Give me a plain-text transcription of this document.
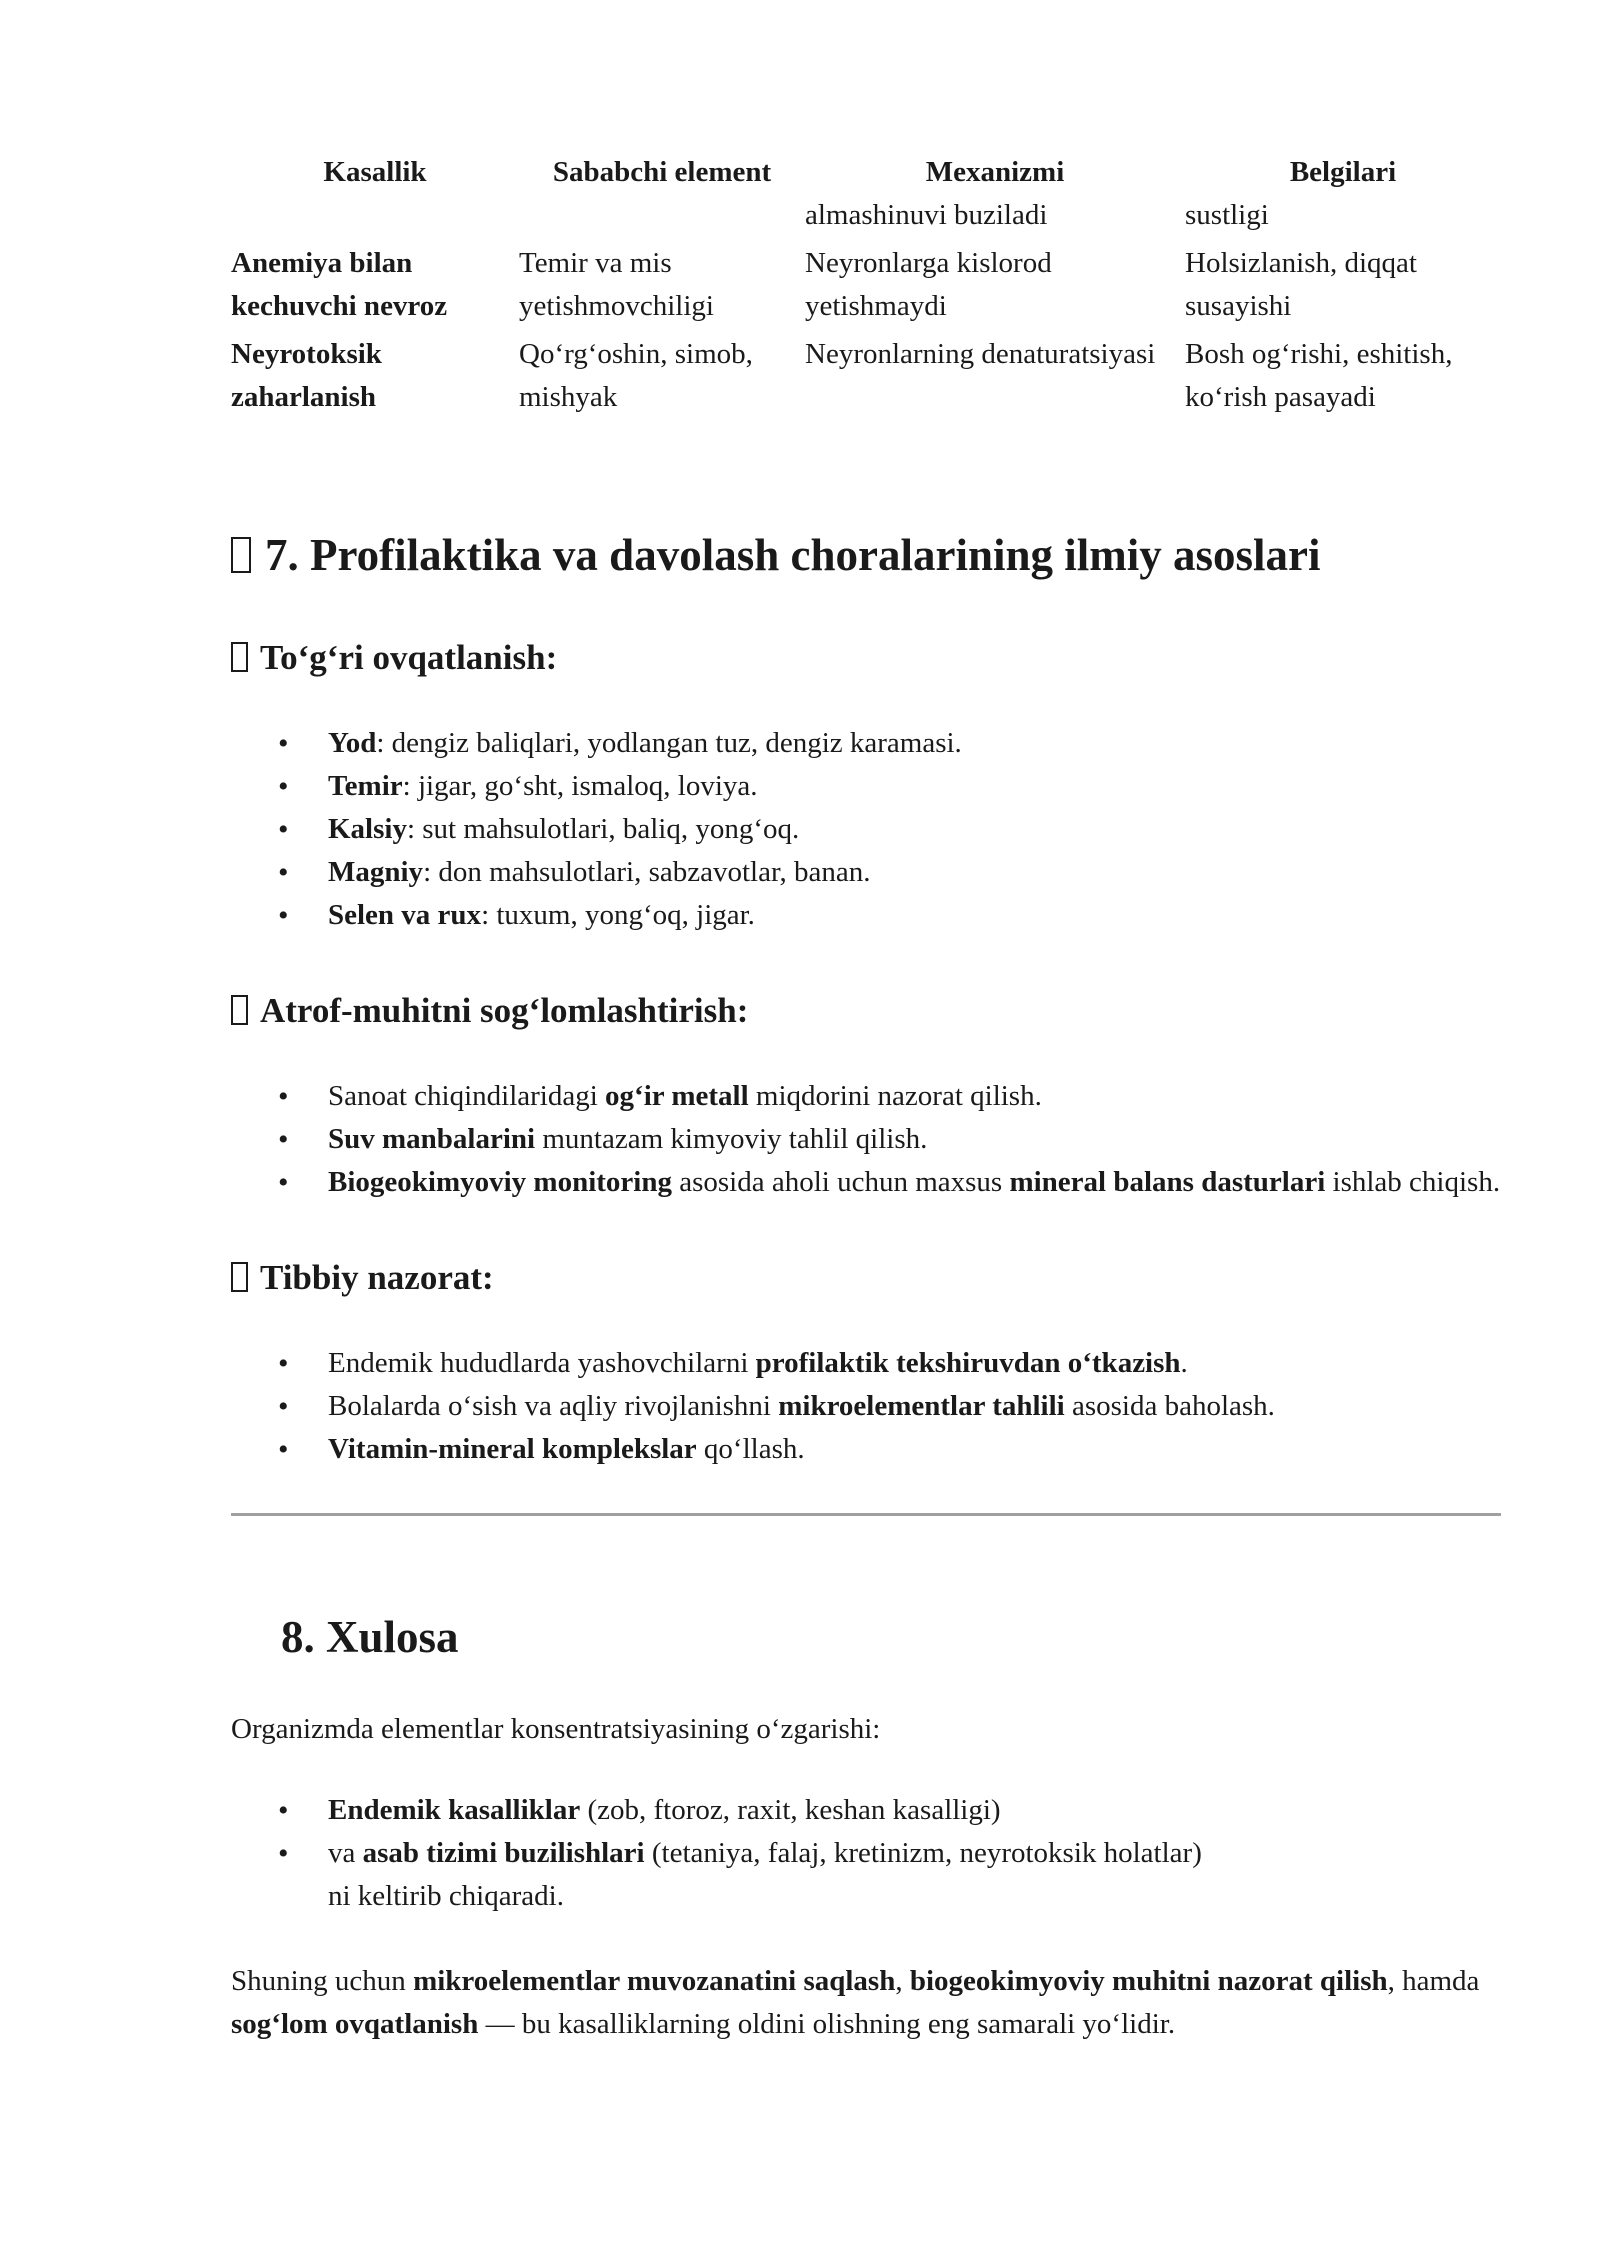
Kasallik	Sababchi element	Mexanizmi	Belgilari
		almashinuvi buziladi	sustligi
Anemiya bilan kechuvchi nevroz	Temir va mis yetishmovchiligi	Neyronlarga kislorod yetishmaydi	Holsizlanish, diqqat susayishi
Neyrotoksik zaharlanish	Qo‘rg‘oshin, simob, mishyak	Neyronlarning denaturatsiyasi	Bosh og‘rishi, eshitish, ko‘rish pasayadi
7. Profilaktika va davolash choralarining ilmiy asoslari
To‘g‘ri ovqatlanish:
• Yod: dengiz baliqlari, yodlangan tuz, dengiz karamasi.
• Temir: jigar, go‘sht, ismaloq, loviya.
• Kalsiy: sut mahsulotlari, baliq, yong‘oq.
• Magniy: don mahsulotlari, sabzavotlar, banan.
• Selen va rux: tuxum, yong‘oq, jigar.
Atrof-muhitni sog‘lomlashtirish:
• Sanoat chiqindilaridagi og‘ir metall miqdorini nazorat qilish.
• Suv manbalarini muntazam kimyoviy tahlil qilish.
• Biogeokimyoviy monitoring asosida aholi uchun maxsus mineral balans dasturlari ishlab chiqish.
Tibbiy nazorat:
• Endemik hududlarda yashovchilarni profilaktik tekshiruvdan o‘tkazish.
• Bolalarda o‘sish va aqliy rivojlanishni mikroelementlar tahlili asosida baholash.
• Vitamin-mineral komplekslar qo‘llash.
8. Xulosa

Organizmda elementlar konsentratsiyasining o‘zgarishi:

• Endemik kasalliklar (zob, ftoroz, raxit, keshan kasalligi)
• va asab tizimi buzilishlari (tetaniya, falaj, kretinizm, neyrotoksik holatlar)
ni keltirib chiqaradi.

Shuning uchun mikroelementlar muvozanatini saqlash, biogeokimyoviy muhitni nazorat qilish, hamda sog‘lom ovqatlanish — bu kasalliklarning oldini olishning eng samarali yo‘lidir.
